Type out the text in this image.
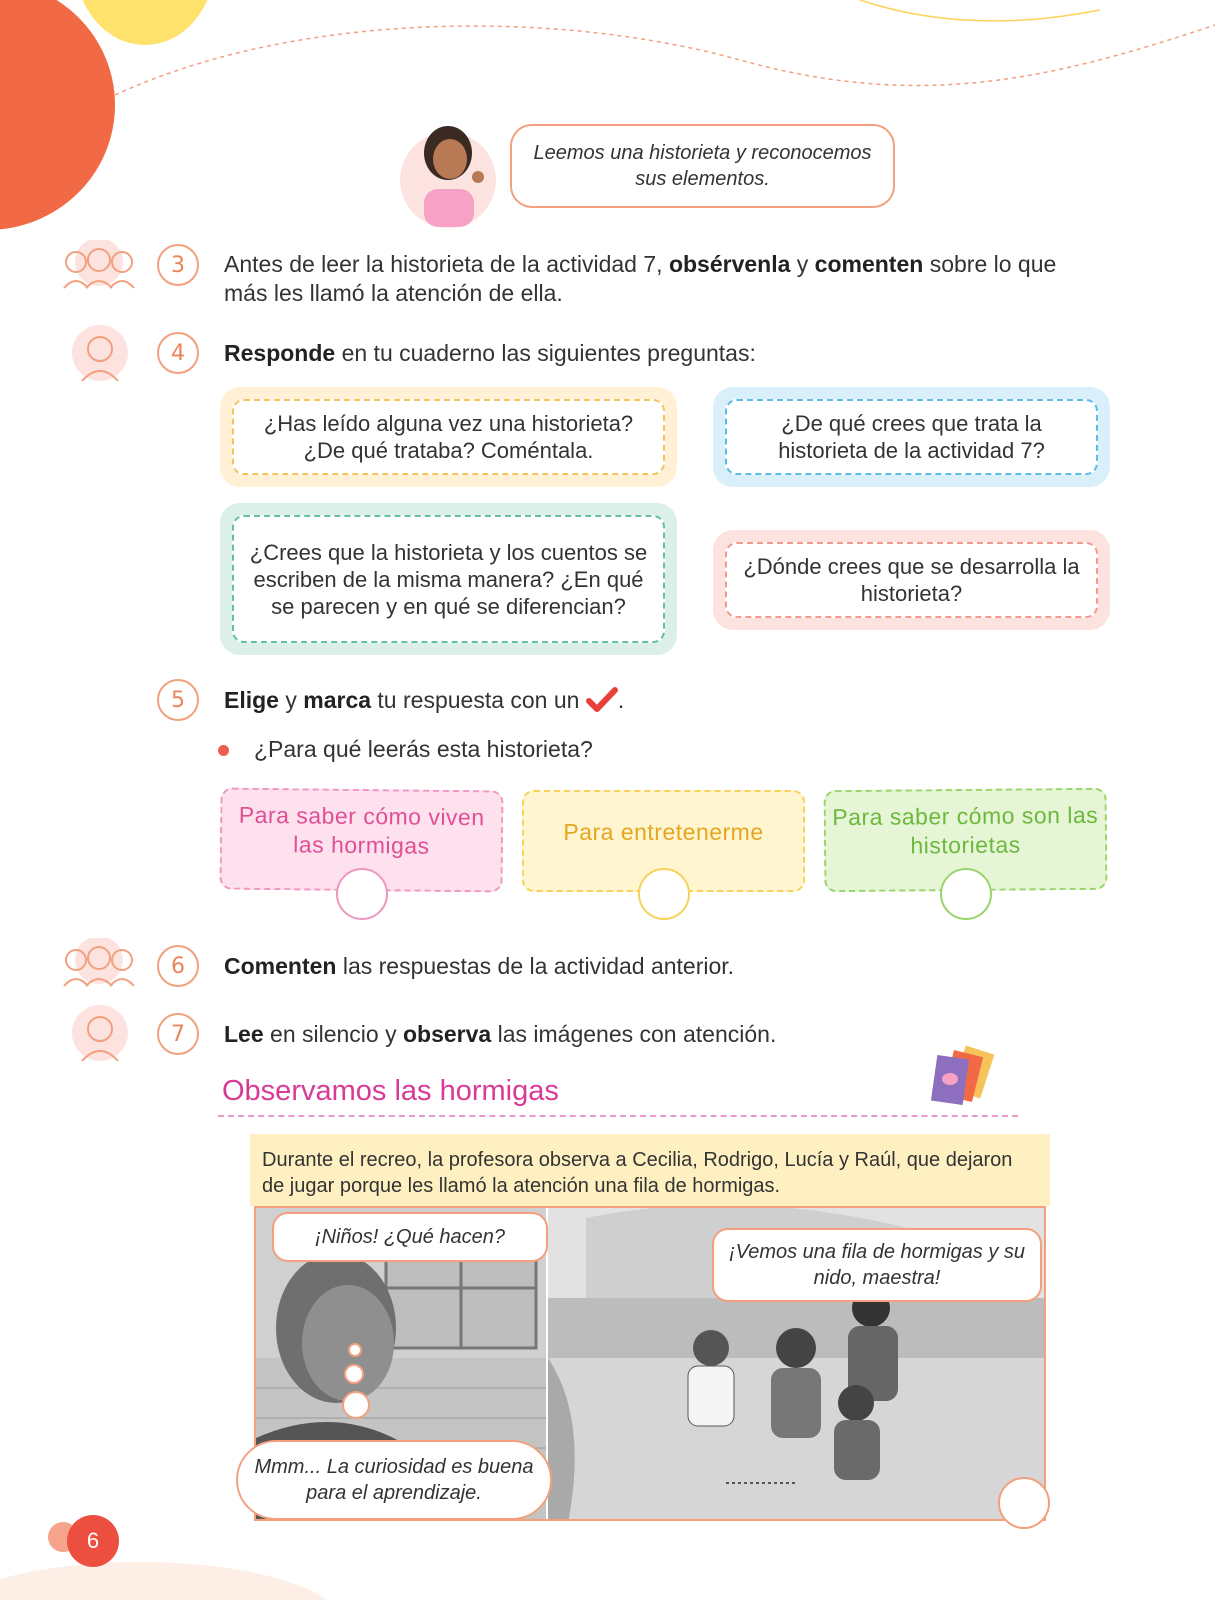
Leemos una historieta y reconocemos sus elementos.
3	Antes de leer la historieta de la actividad 7, obsérvenla y comenten sobre lo que más les llamó la atención de ella.
4	Responde en tu cuaderno las siguientes preguntas:
¿Has leído alguna vez una historieta? ¿De qué trataba? Coméntala.
¿De qué crees que trata la historieta de la actividad 7?
¿Crees que la historieta y los cuentos se escriben de la misma manera? ¿En qué se parecen y en qué se diferencian?
¿Dónde crees que se desarrolla la historieta?
5	Elige y marca tu respuesta con un .
¿Para qué leerás esta historieta?
Para saber cómo viven las hormigas	Para entretenerme
Para saber cómo son las historietas
6	Comenten las respuestas de la actividad anterior.
7	Lee en silencio y observa las imágenes con atención.
Observamos las hormigas
Durante el recreo, la profesora observa a Cecilia, Rodrigo, Lucía y Raúl, que dejaron de jugar porque les llamó la atención una fila de hormigas.
¡Niños! ¿Qué hacen?
¡Vemos una fila de hormigas y su nido, maestra!
Mmm... La curiosidad es buena para el aprendizaje.
6
